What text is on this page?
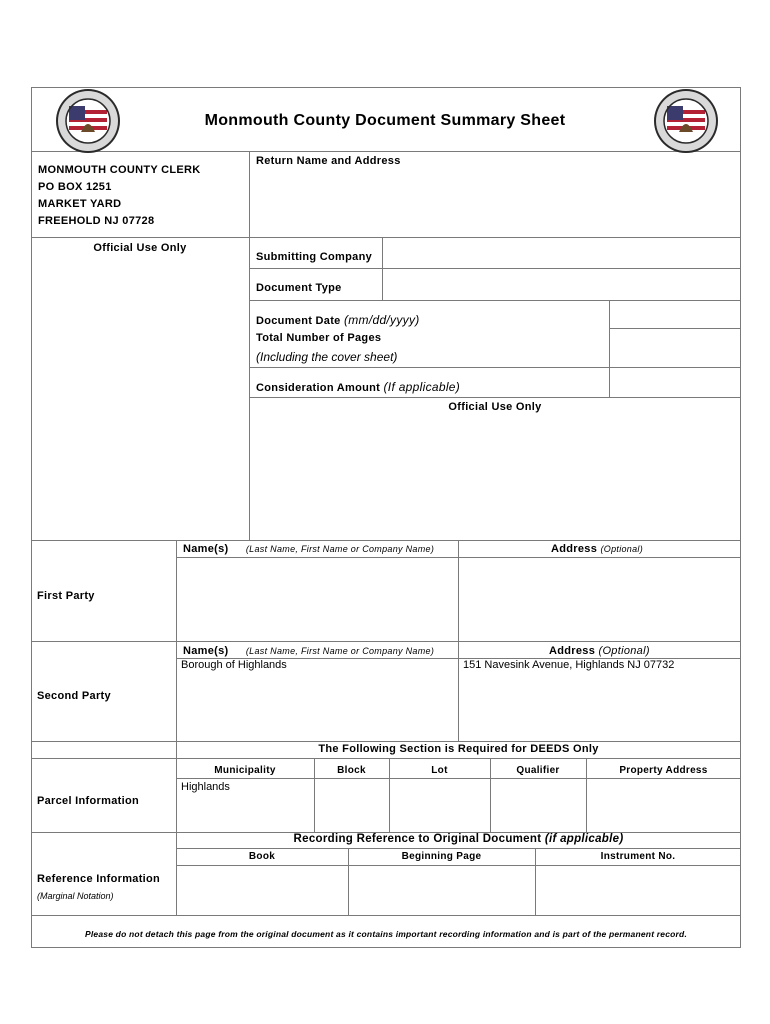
Monmouth County Document Summary Sheet
MONMOUTH COUNTY CLERK
PO BOX 1251
MARKET YARD
FREEHOLD NJ 07728
Return Name and Address
Official Use Only
Submitting Company
Document Type
Document Date (mm/dd/yyyy)
Total Number of Pages
(Including the cover sheet)
Consideration Amount (If applicable)
Official Use Only
Name(s) (Last Name, First Name or Company Name)	Address (Optional)
First Party
Name(s) (Last Name, First Name or Company Name)	Address (Optional)
Second Party
Borough of Highlands	151 Navesink Avenue, Highlands NJ 07732
The Following Section is Required for DEEDS Only
Parcel Information
Municipality	Block	Lot	Qualifier	Property Address
Highlands
Recording Reference to Original Document (if applicable)
Book	Beginning Page	Instrument No.
Reference Information
(Marginal Notation)
Please do not detach this page from the original document as it contains important recording information and is part of the permanent record.
